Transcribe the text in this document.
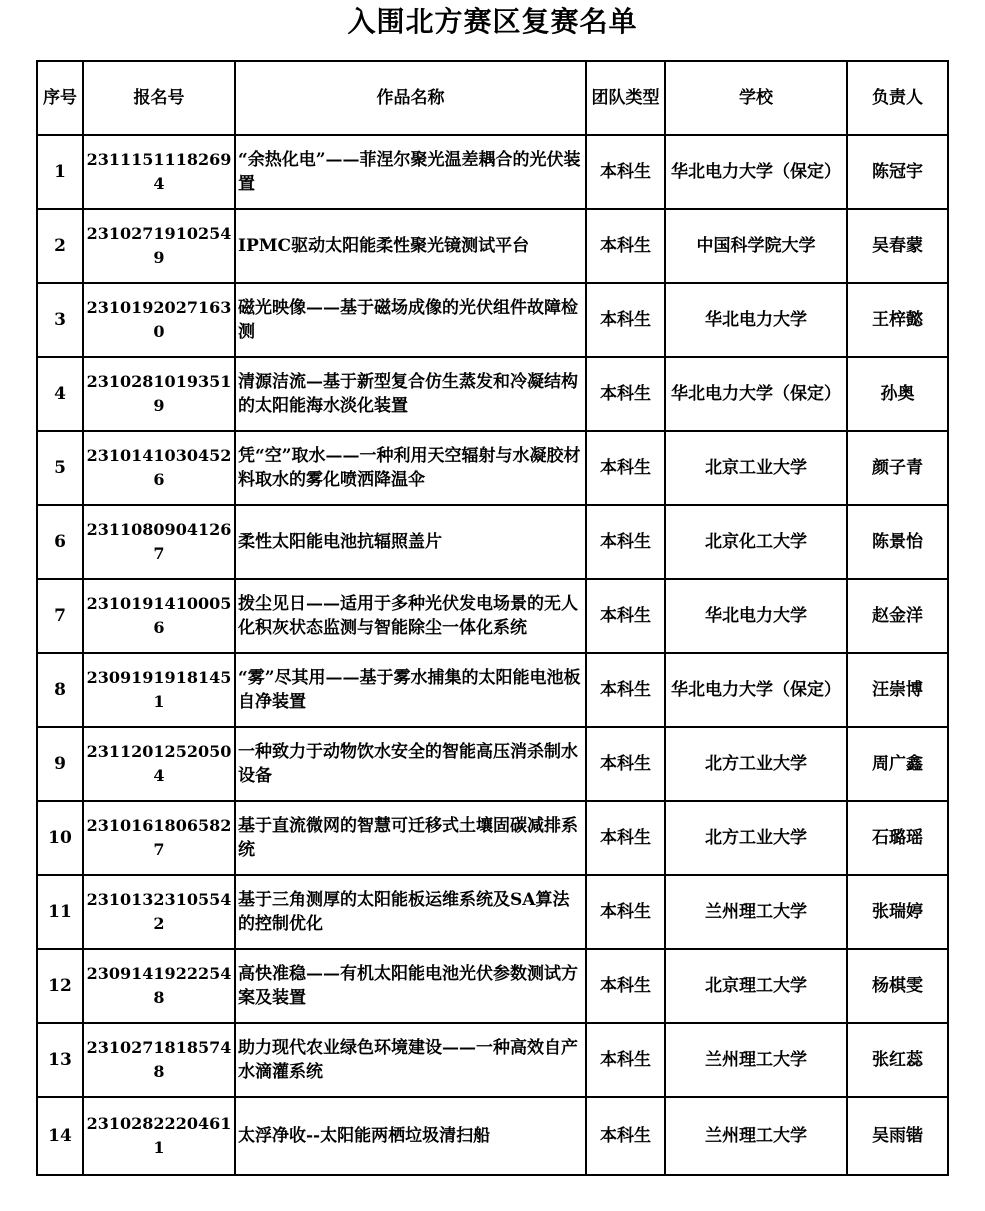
入围北方赛区复赛名单
序号	报名号	作品名称	团队类型	学校	负责人
1	23111511182694	“余热化电”——菲涅尔聚光温差耦合的光伏装置	本科生	华北电力大学（保定）	陈冠宇
2	23102719102549	IPMC驱动太阳能柔性聚光镜测试平台	本科生	中国科学院大学	吴春蒙
3	23101920271630	磁光映像——基于磁场成像的光伏组件故障检测	本科生	华北电力大学	王梓懿
4	23102810193519	清源洁流—基于新型复合仿生蒸发和冷凝结构的太阳能海水淡化装置	本科生	华北电力大学（保定）	孙奥
5	23101410304526	凭“空”取水——一种利用天空辐射与水凝胶材料取水的雾化喷洒降温伞	本科生	北京工业大学	颜子青
6	23110809041267	柔性太阳能电池抗辐照盖片	本科生	北京化工大学	陈景怡
7	23101914100056	拨尘见日——适用于多种光伏发电场景的无人化积灰状态监测与智能除尘一体化系统	本科生	华北电力大学	赵金洋
8	23091919181451	“雾”尽其用——基于雾水捕集的太阳能电池板自净装置	本科生	华北电力大学（保定）	汪崇博
9	23112012520504	一种致力于动物饮水安全的智能高压消杀制水设备	本科生	北方工业大学	周广鑫
10	23101618065827	基于直流微网的智慧可迁移式土壤固碳减排系统	本科生	北方工业大学	石璐瑶
11	23101323105542	基于三角测厚的太阳能板运维系统及SA算法的控制优化	本科生	兰州理工大学	张瑞婷
12	23091419222548	高快准稳——有机太阳能电池光伏参数测试方案及装置	本科生	北京理工大学	杨棋雯
13	23102718185748	助力现代农业绿色环境建设——一种高效自产水滴灌系统	本科生	兰州理工大学	张红蕊
14	23102822204611	太浮净收--太阳能两栖垃圾清扫船	本科生	兰州理工大学	吴雨锴
